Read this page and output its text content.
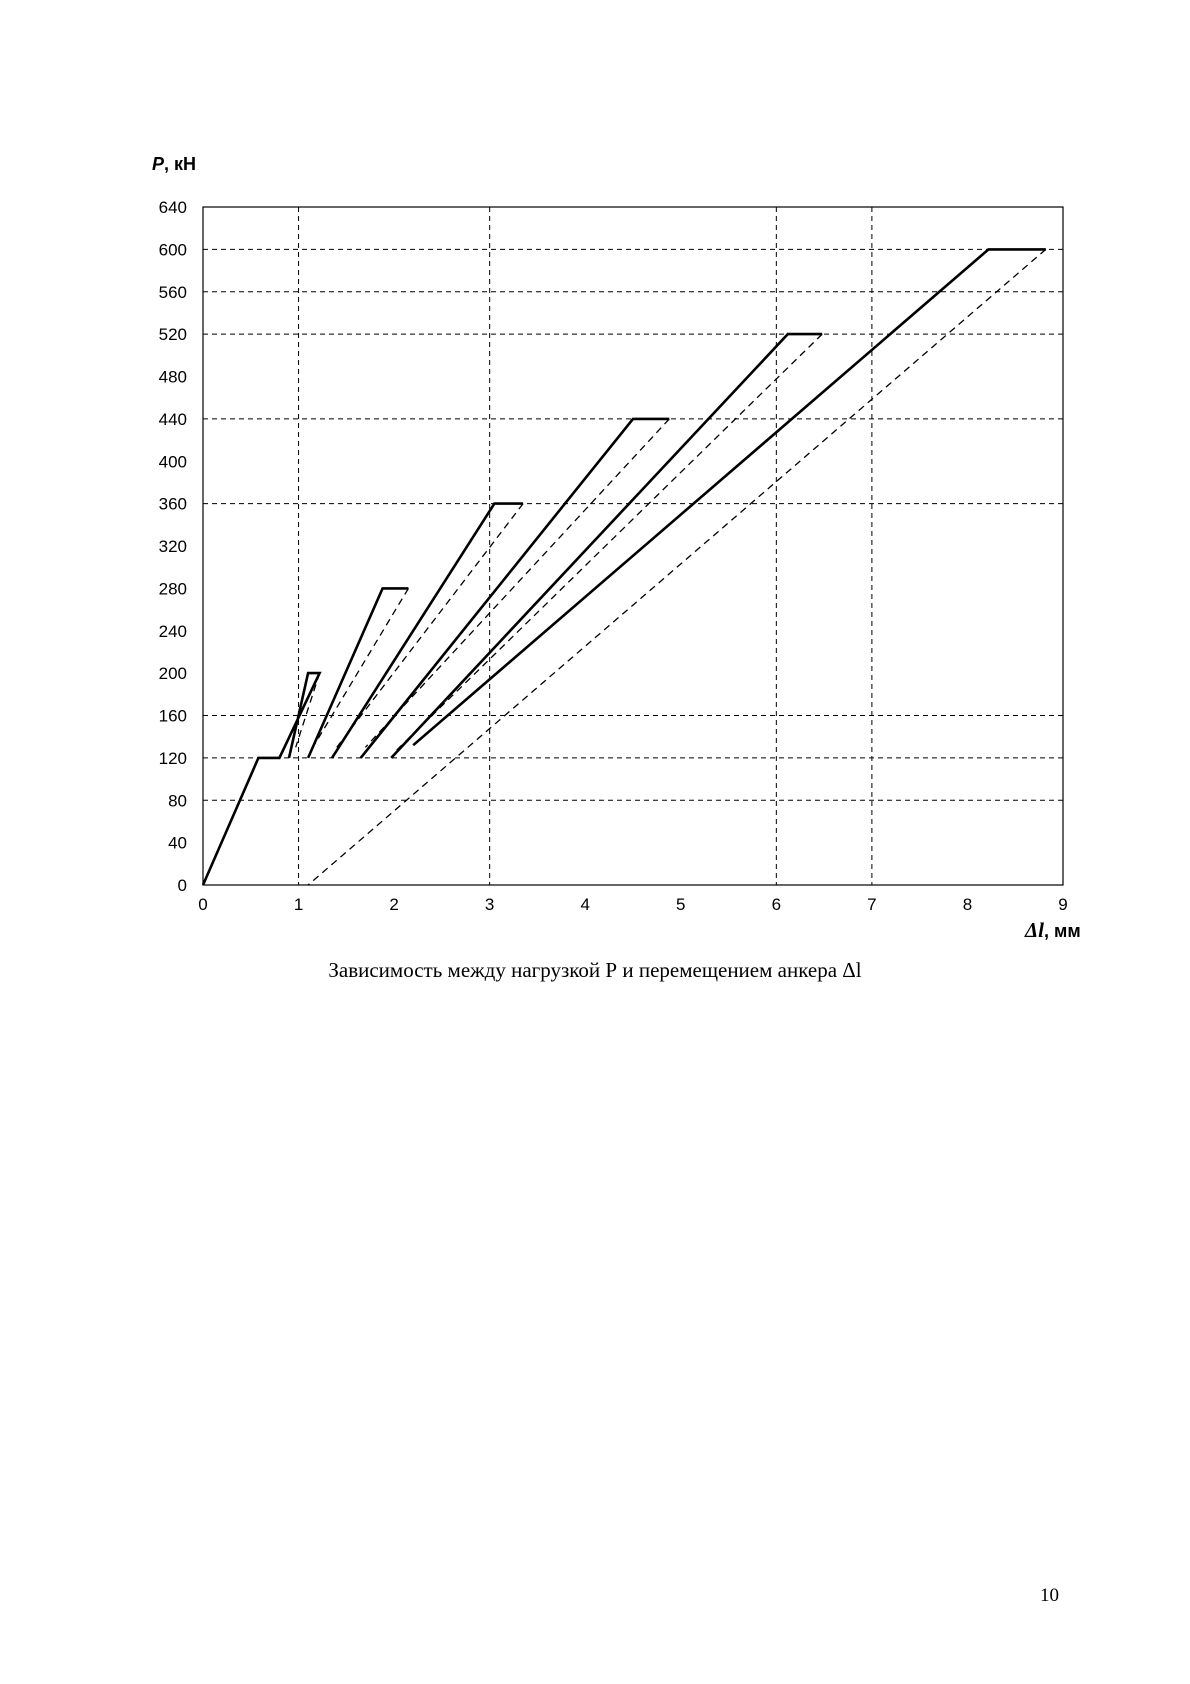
0	1	2	3	4	5	6	7	8	9
0
40
80
120
160
200
240
280
320
360
400
440
480
520
560
600
640
P, кН
Δl, мм
Зависимость между нагрузкой Р и перемещением анкера Δl
10
